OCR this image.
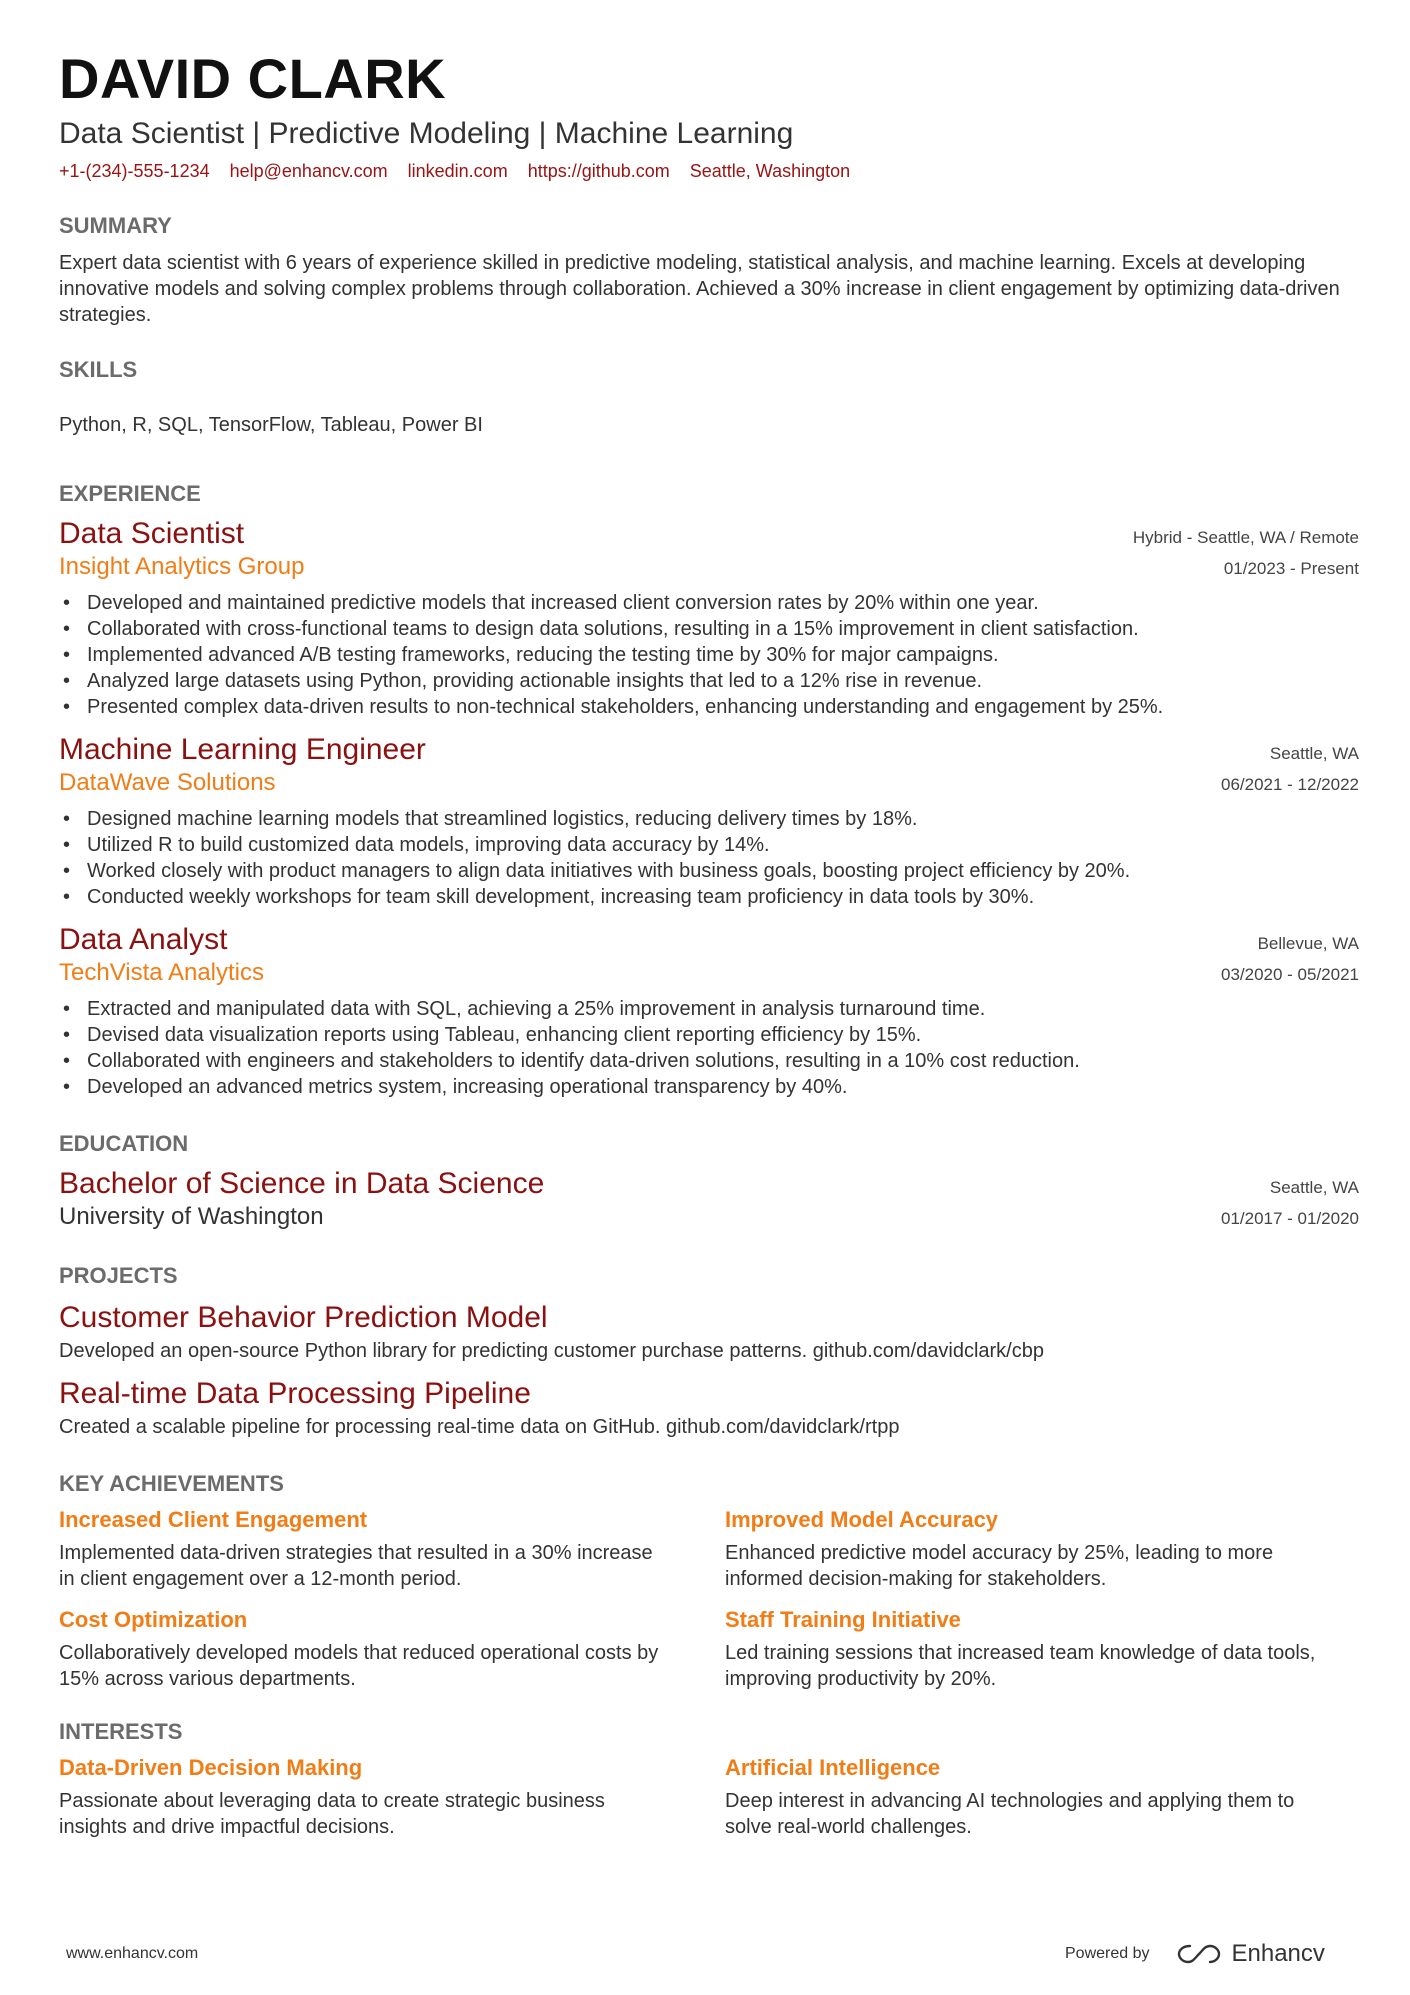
DAVID CLARK
Data Scientist | Predictive Modeling | Machine Learning
+1-(234)-555-1234 help@enhancv.com linkedin.com https://github.com Seattle, Washington
SUMMARY
Expert data scientist with 6 years of experience skilled in predictive modeling, statistical analysis, and machine learning. Excels at developing innovative models and solving complex problems through collaboration. Achieved a 30% increase in client engagement by optimizing data-driven strategies.
SKILLS
Python, R, SQL, TensorFlow, Tableau, Power BI
EXPERIENCE
Data Scientist	Hybrid - Seattle, WA / Remote
Insight Analytics Group	01/2023 - Present
• Developed and maintained predictive models that increased client conversion rates by 20% within one year.
• Collaborated with cross-functional teams to design data solutions, resulting in a 15% improvement in client satisfaction.
• Implemented advanced A/B testing frameworks, reducing the testing time by 30% for major campaigns.
• Analyzed large datasets using Python, providing actionable insights that led to a 12% rise in revenue.
• Presented complex data-driven results to non-technical stakeholders, enhancing understanding and engagement by 25%.
Machine Learning Engineer	Seattle, WA
DataWave Solutions	06/2021 - 12/2022
• Designed machine learning models that streamlined logistics, reducing delivery times by 18%.
• Utilized R to build customized data models, improving data accuracy by 14%.
• Worked closely with product managers to align data initiatives with business goals, boosting project efficiency by 20%.
• Conducted weekly workshops for team skill development, increasing team proficiency in data tools by 30%.
Data Analyst	Bellevue, WA
TechVista Analytics	03/2020 - 05/2021
• Extracted and manipulated data with SQL, achieving a 25% improvement in analysis turnaround time.
• Devised data visualization reports using Tableau, enhancing client reporting efficiency by 15%.
• Collaborated with engineers and stakeholders to identify data-driven solutions, resulting in a 10% cost reduction.
• Developed an advanced metrics system, increasing operational transparency by 40%.
EDUCATION
Bachelor of Science in Data Science	Seattle, WA
University of Washington	01/2017 - 01/2020
PROJECTS
Customer Behavior Prediction Model
Developed an open-source Python library for predicting customer purchase patterns. github.com/davidclark/cbp
Real-time Data Processing Pipeline
Created a scalable pipeline for processing real-time data on GitHub. github.com/davidclark/rtpp
KEY ACHIEVEMENTS
Increased Client Engagement
Implemented data-driven strategies that resulted in a 30% increase in client engagement over a 12-month period.
Improved Model Accuracy
Enhanced predictive model accuracy by 25%, leading to more informed decision-making for stakeholders.
Cost Optimization
Collaboratively developed models that reduced operational costs by 15% across various departments.
Staff Training Initiative
Led training sessions that increased team knowledge of data tools, improving productivity by 20%.
INTERESTS
Data-Driven Decision Making
Passionate about leveraging data to create strategic business insights and drive impactful decisions.
Artificial Intelligence
Deep interest in advancing AI technologies and applying them to solve real-world challenges.
www.enhancv.com	Powered by	Enhancv
